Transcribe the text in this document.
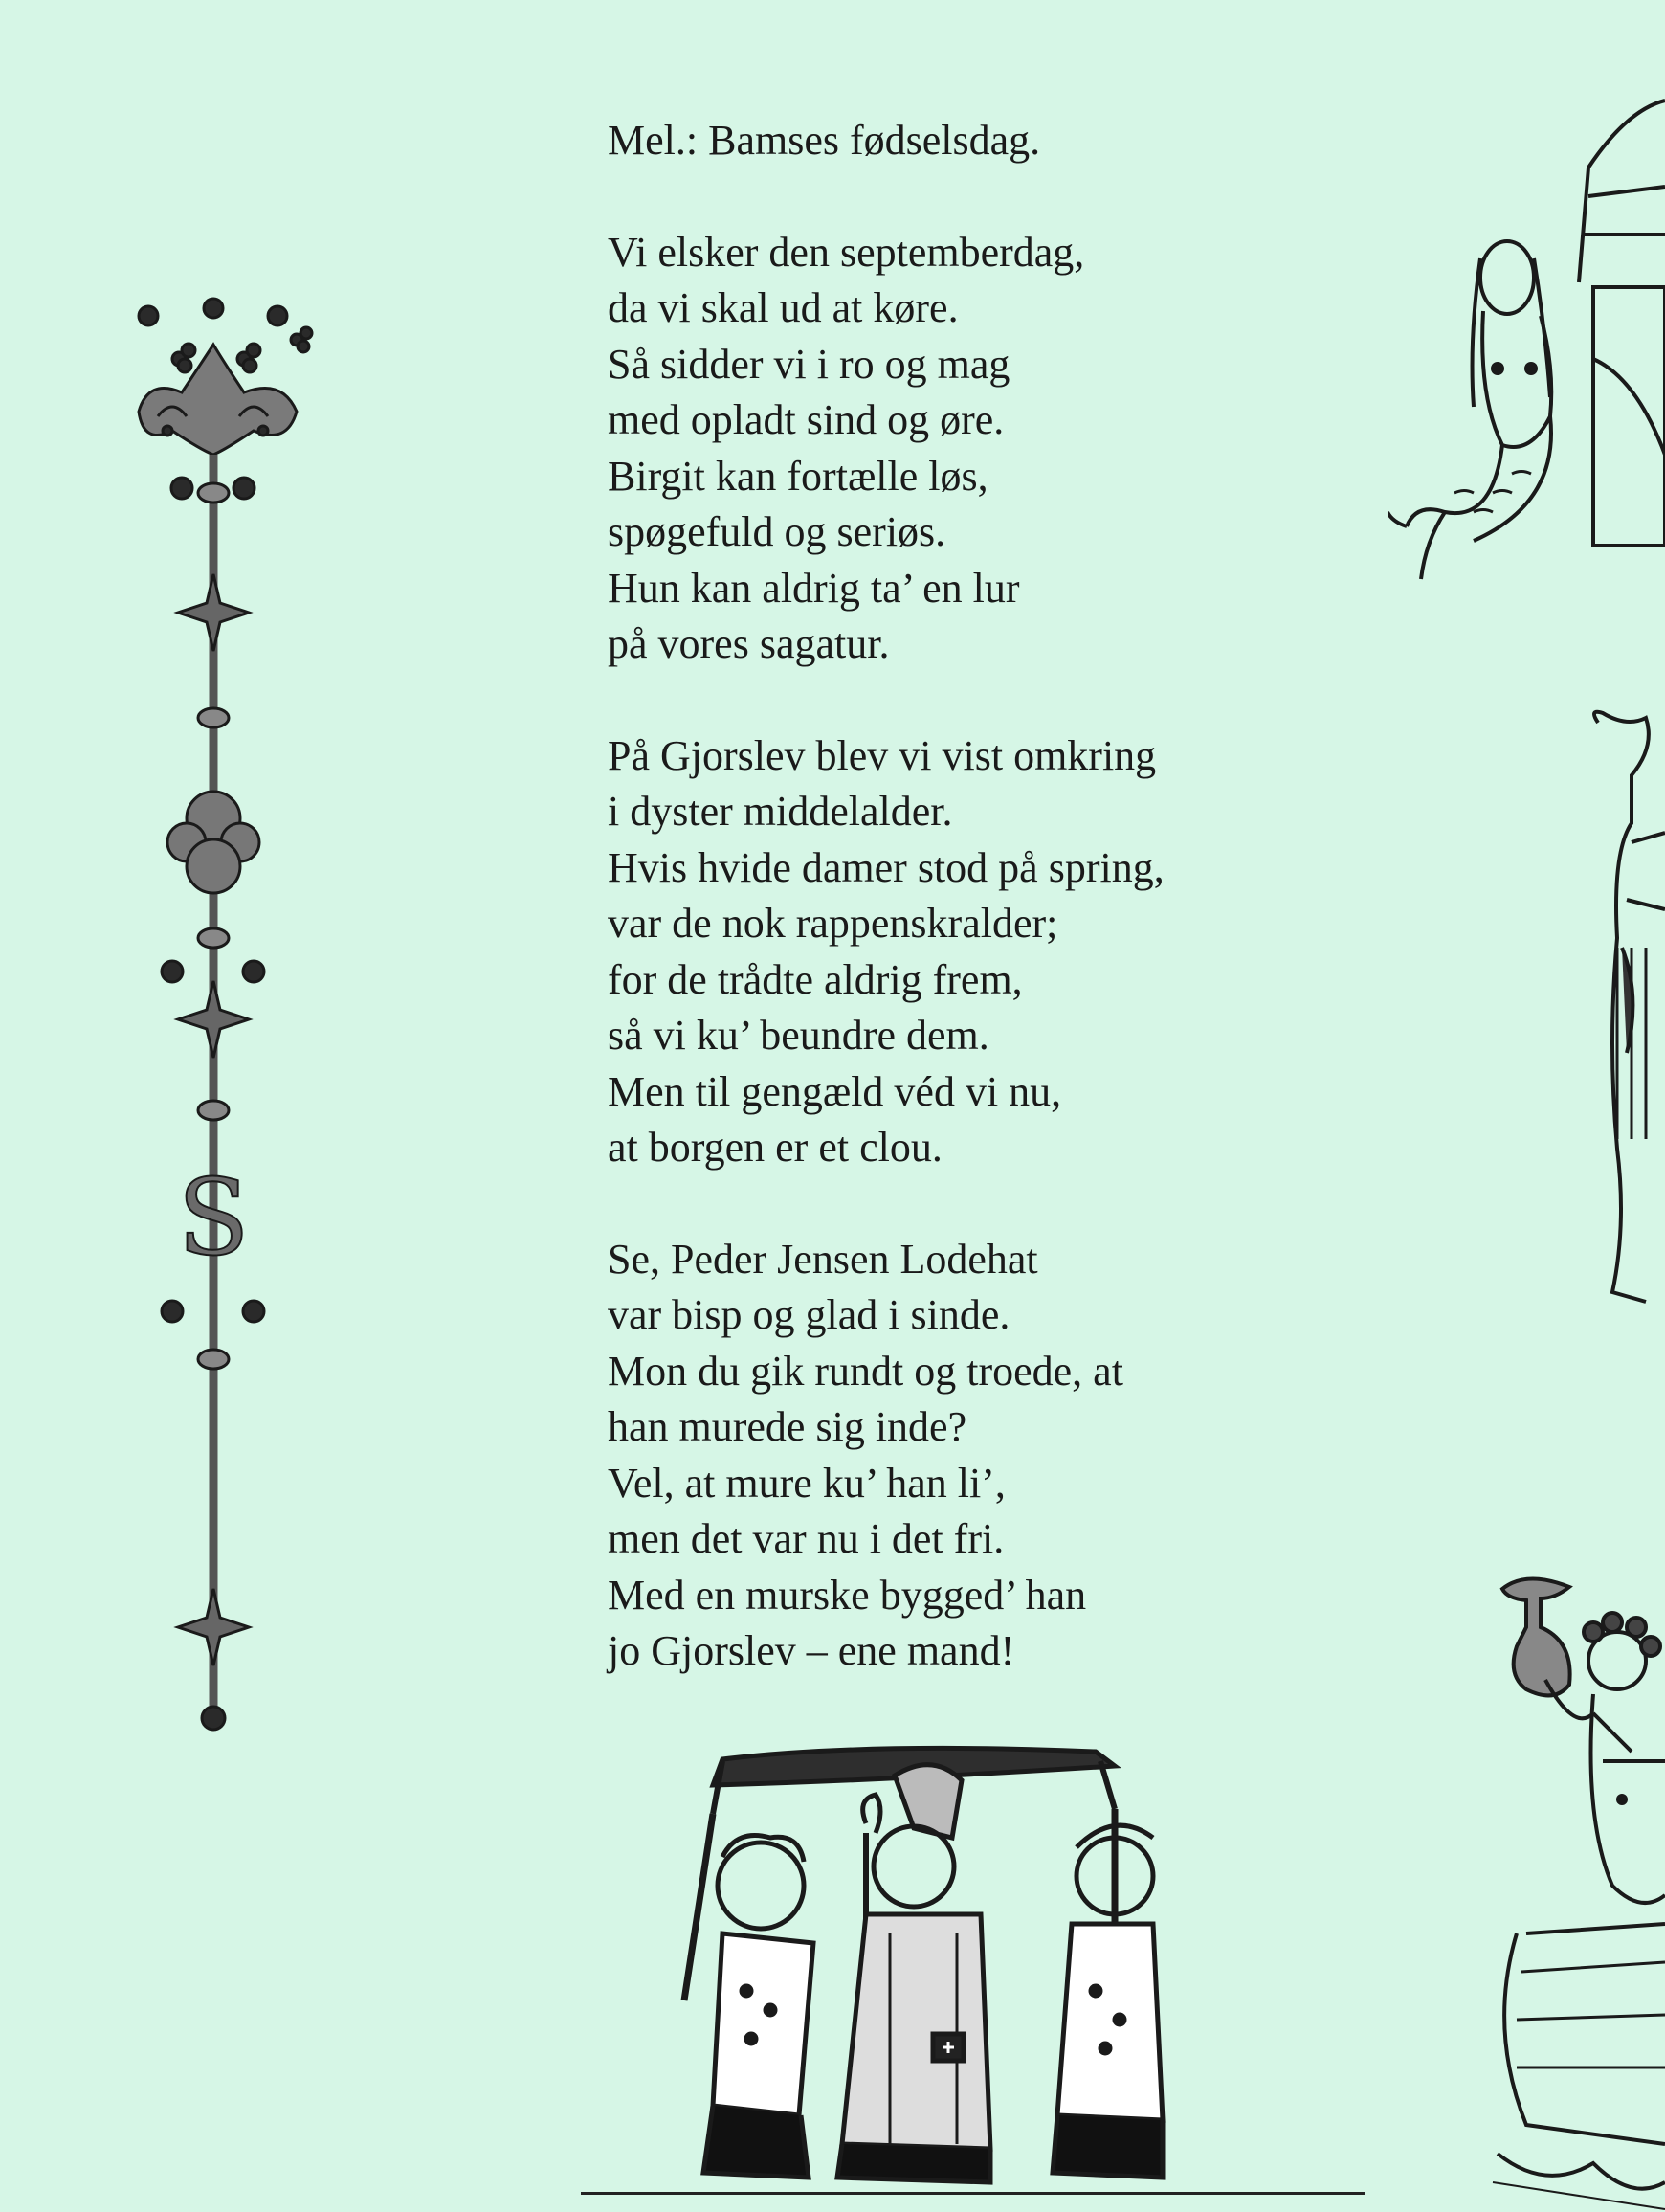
S
Mel.: Bamses fødselsdag.
Vi elsker den septemberdag,
da vi skal ud at køre.
Så sidder vi i ro og mag
med opladt sind og øre.
Birgit kan fortælle løs,
spøgefuld og seriøs.
Hun kan aldrig ta’ en lur
på vores sagatur.
På Gjorslev blev vi vist omkring
i dyster middelalder.
Hvis hvide damer stod på spring,
var de nok rappenskralder;
for de trådte aldrig frem,
så vi ku’ beundre dem.
Men til gengæld véd vi nu,
at borgen er et clou.
Se, Peder Jensen Lodehat
var bisp og glad i sinde.
Mon du gik rundt og troede, at
han murede sig inde?
Vel, at mure ku’ han li’,
men det var nu i det fri.
Med en murske bygged’ han
jo Gjorslev – ene mand!
